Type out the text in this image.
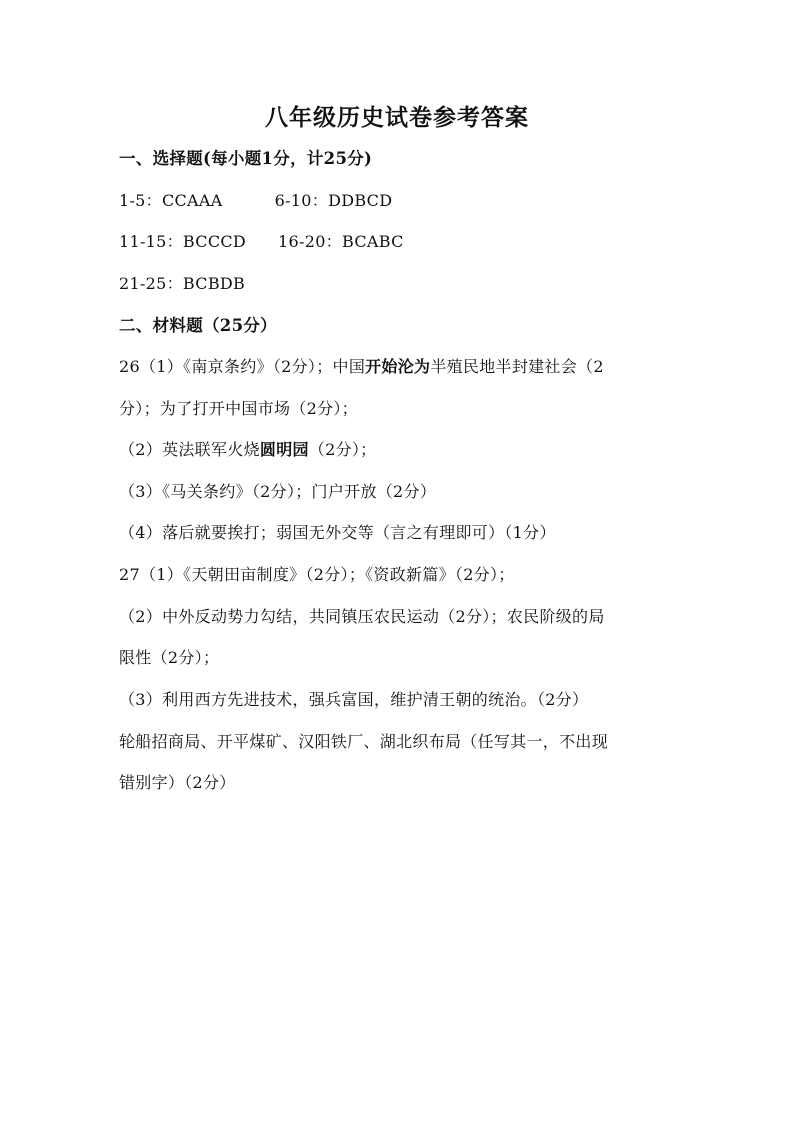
八年级历史试卷参考答案
一、选择题(每小题1分，计25分)
1-5：CCAAA	6-10：DDBCD
11-15：BCCCD 16-20：BCABC
21-25：BCBDB
二、材料题（25分）
26（1）《南京条约》（2分）；中国开始沦为半殖民地半封建社会（2
分）；为了打开中国市场（2分）；
（2）英法联军火烧圆明园（2分）；
（3）《马关条约》（2分）；门户开放（2分）
（4）落后就要挨打；弱国无外交等（言之有理即可）（1分）
27（1）《天朝田亩制度》（2分）；《资政新篇》（2分）；
（2）中外反动势力勾结，共同镇压农民运动（2分）；农民阶级的局
限性（2分）；
（3）利用西方先进技术，强兵富国，维护清王朝的统治。（2分）
轮船招商局、开平煤矿、汉阳铁厂、湖北织布局（任写其一，不出现
错别字）（2分）
